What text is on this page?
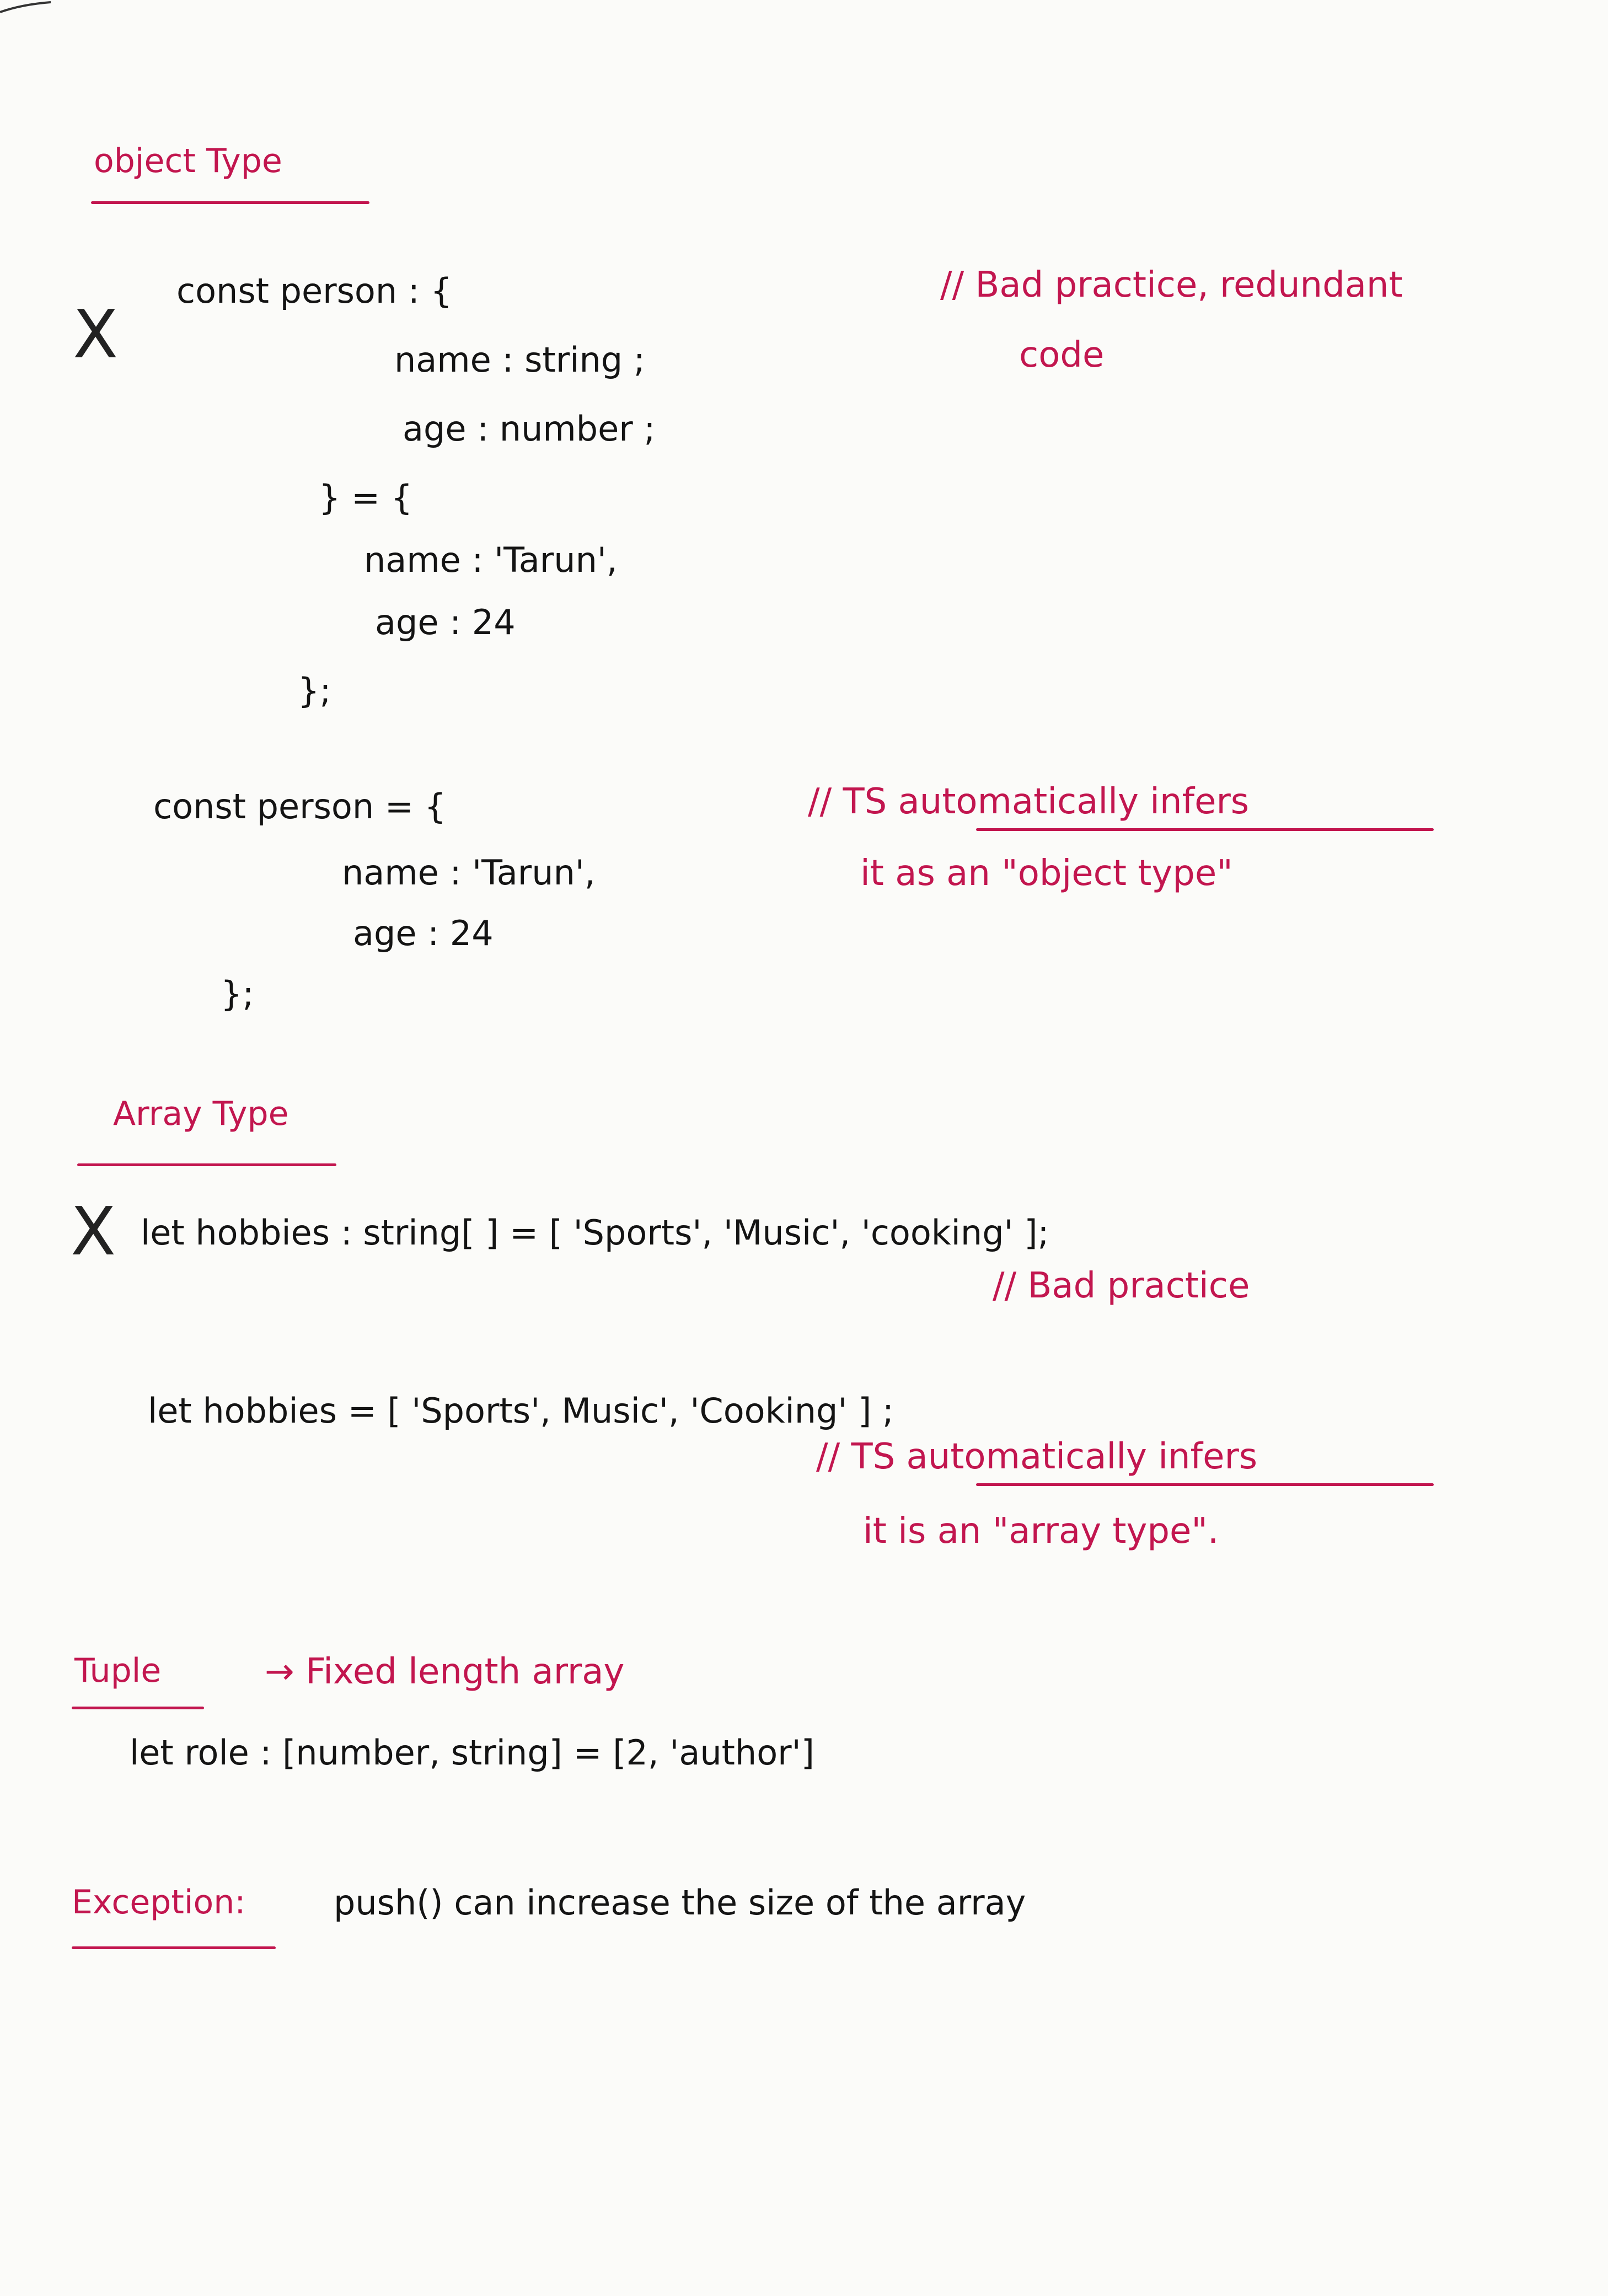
object Type
X
const person : {
name : string ;
age : number ;
} = {
name : 'Tarun',
age : 24
};
// Bad practice, redundant
code
const person = {
name : 'Tarun',
age : 24
};
// TS automatically infers
it as an "object type"
Array Type
X let hobbies : string[ ] = [ 'Sports', 'Music', 'cooking' ];
// Bad practice
let hobbies = [ 'Sports', Music', 'Cooking' ] ;
// TS automatically infers
it is an "array type".
Tuple	→ Fixed length array
let role : [number, string] = [2, 'author']
Exception:	push() can increase the size of the array
